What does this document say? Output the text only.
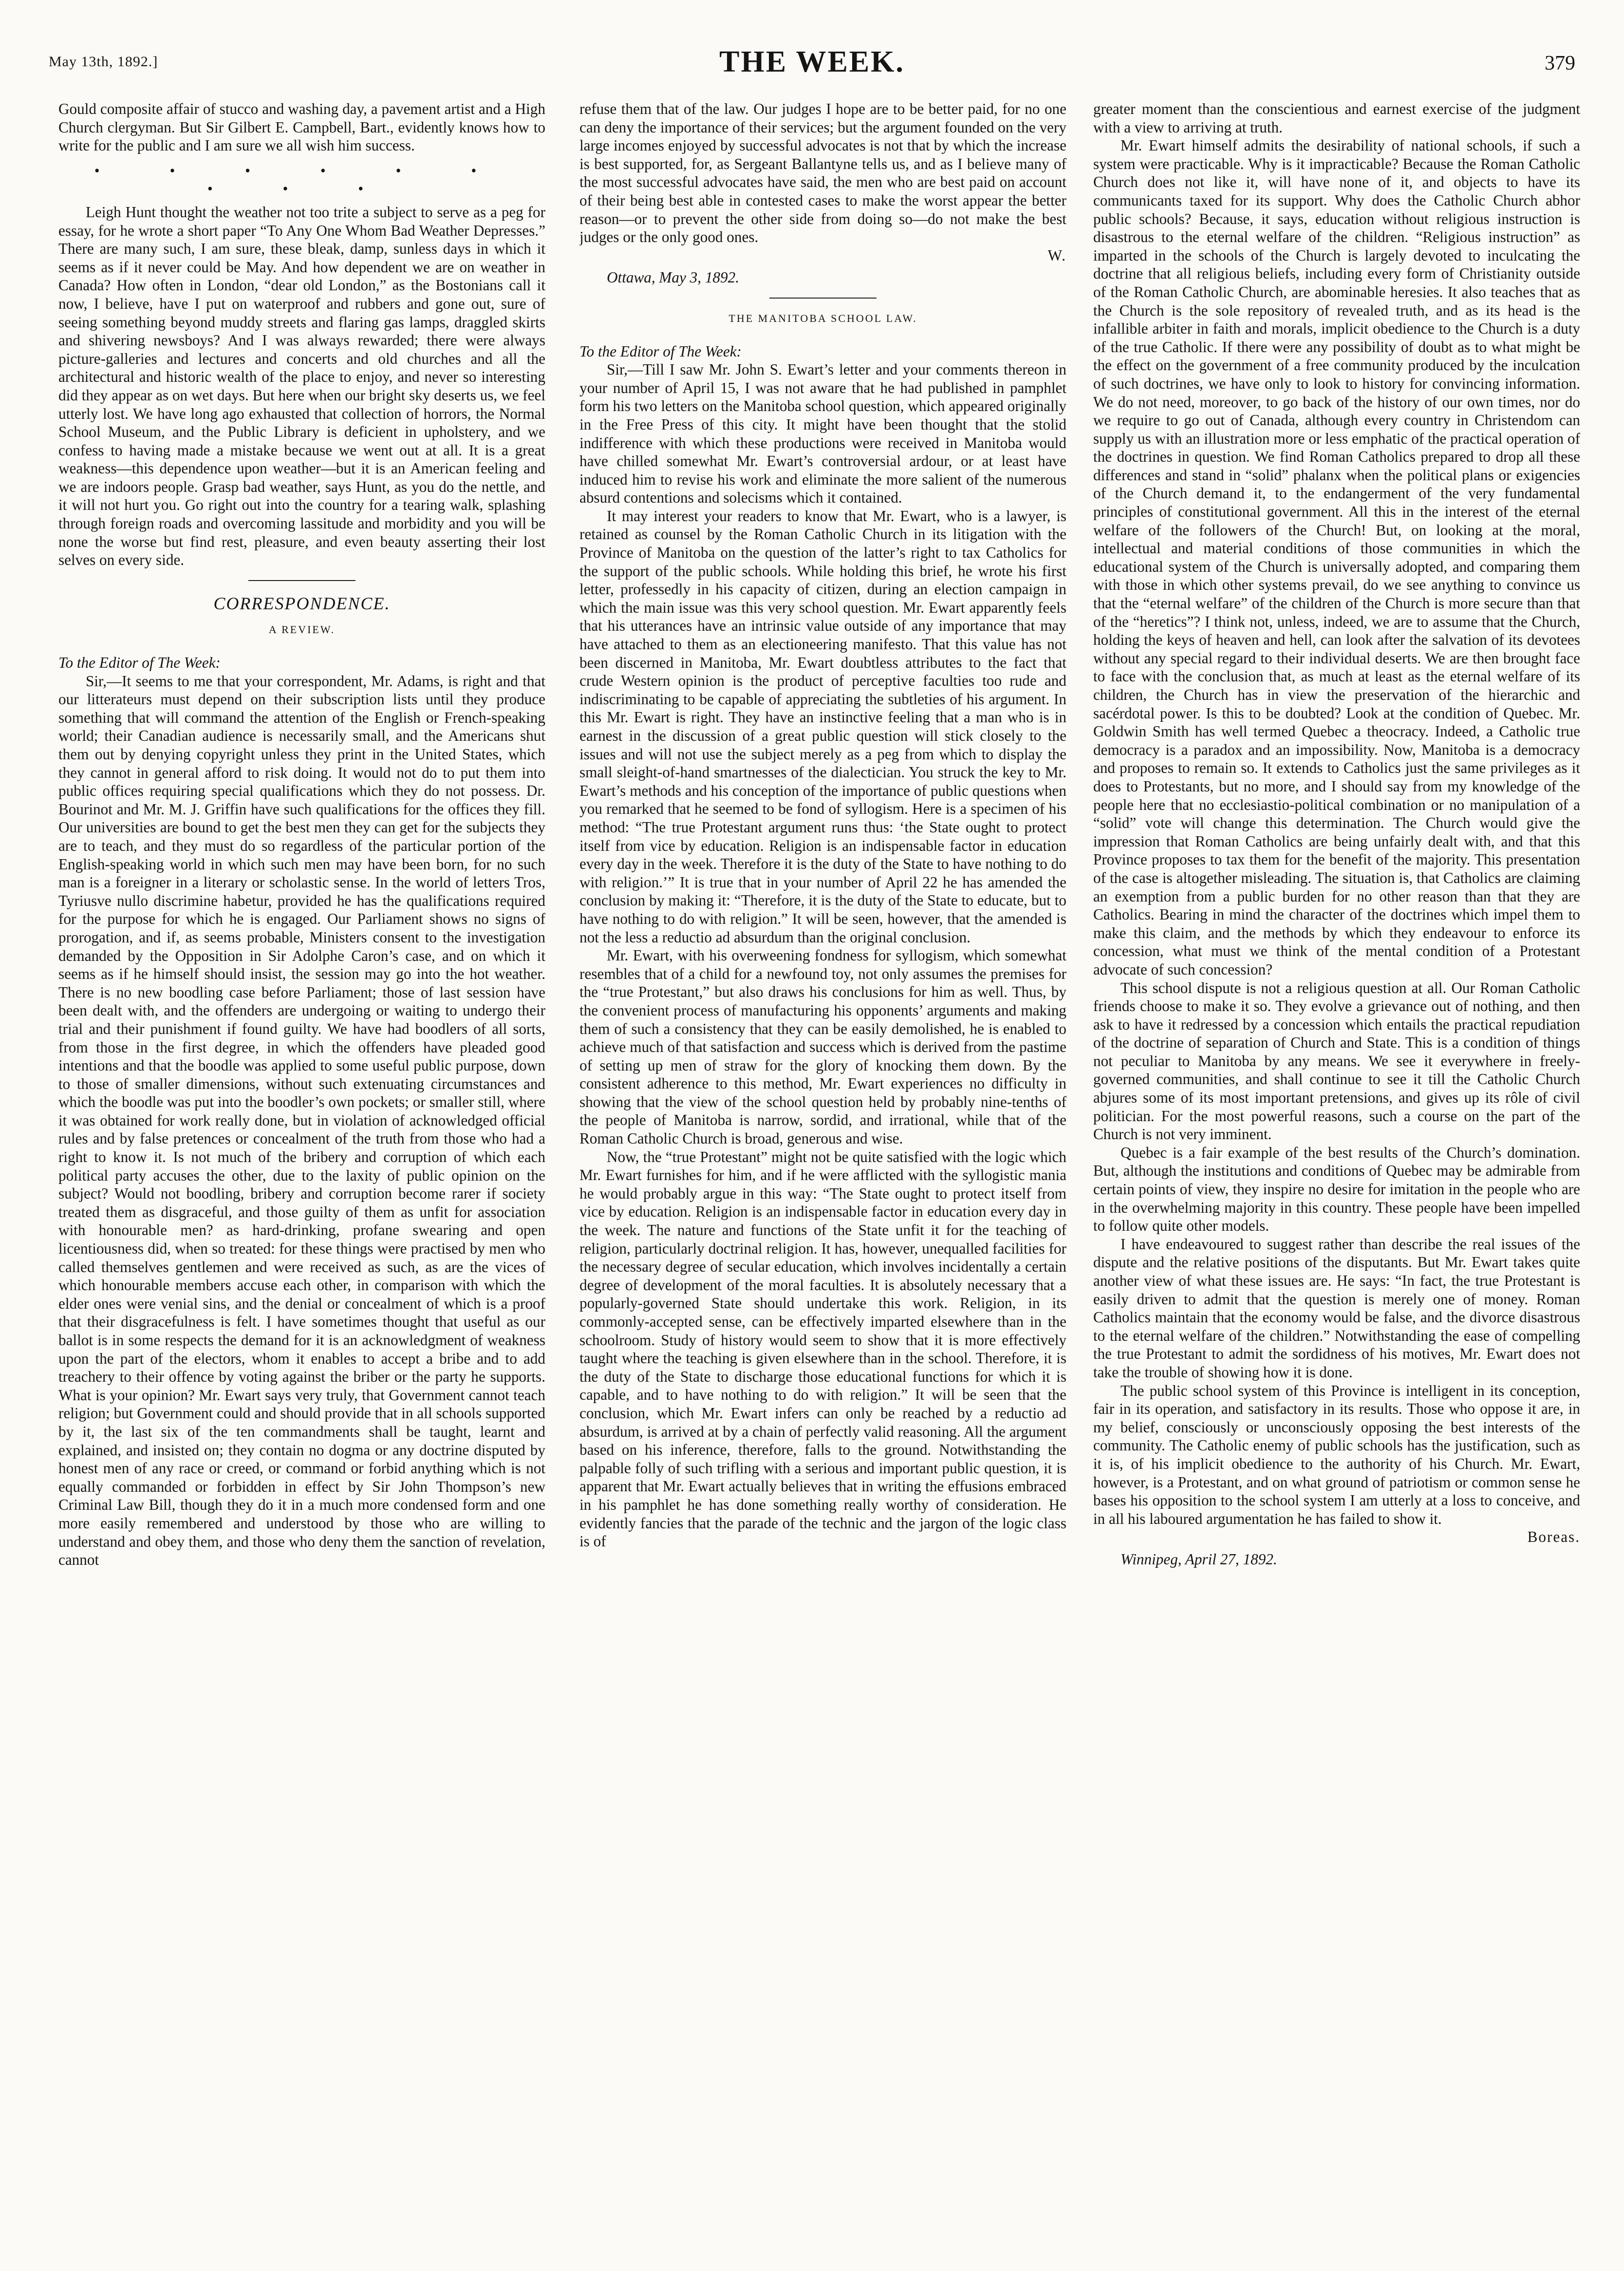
May 13th, 1892.]	THE WEEK.	379

Gould composite affair of stucco and washing day, a pavement artist and a High Church clergyman. But Sir Gilbert E. Campbell, Bart., evidently knows how to write for the public and I am sure we all wish him success.

• • • • • • • • •

Leigh Hunt thought the weather not too trite a subject to serve as a peg for essay, for he wrote a short paper “To Any One Whom Bad Weather Depresses.” There are many such, I am sure, these bleak, damp, sunless days in which it seems as if it never could be May. And how dependent we are on weather in Canada? How often in London, “dear old London,” as the Bostonians call it now, I believe, have I put on waterproof and rubbers and gone out, sure of seeing something beyond muddy streets and flaring gas lamps, draggled skirts and shivering newsboys? And I was always rewarded; there were always picture-galleries and lectures and concerts and old churches and all the architectural and historic wealth of the place to enjoy, and never so interesting did they appear as on wet days. But here when our bright sky deserts us, we feel utterly lost. We have long ago exhausted that collection of horrors, the Normal School Museum, and the Public Library is deficient in upholstery, and we confess to having made a mistake because we went out at all. It is a great weakness—this dependence upon weather—but it is an American feeling and we are indoors people. Grasp bad weather, says Hunt, as you do the nettle, and it will not hurt you. Go right out into the country for a tearing walk, splashing through foreign roads and overcoming lassitude and morbidity and you will be none the worse but find rest, pleasure, and even beauty asserting their lost selves on every side.

CORRESPONDENCE.

A REVIEW.

To the Editor of The Week:

Sir,—It seems to me that your correspondent, Mr. Adams, is right and that our litterateurs must depend on their subscription lists until they produce something that will command the attention of the English or French-speaking world; their Canadian audience is necessarily small, and the Americans shut them out by denying copyright unless they print in the United States, which they cannot in general afford to risk doing. It would not do to put them into public offices requiring special qualifications which they do not possess. Dr. Bourinot and Mr. M. J. Griffin have such qualifications for the offices they fill. Our universities are bound to get the best men they can get for the subjects they are to teach, and they must do so regardless of the particular portion of the English-speaking world in which such men may have been born, for no such man is a foreigner in a literary or scholastic sense. In the world of letters Tros, Tyriusve nullo discrimine habetur, provided he has the qualifications required for the purpose for which he is engaged. Our Parliament shows no signs of prorogation, and if, as seems probable, Ministers consent to the investigation demanded by the Opposition in Sir Adolphe Caron’s case, and on which it seems as if he himself should insist, the session may go into the hot weather. There is no new boodling case before Parliament; those of last session have been dealt with, and the offenders are undergoing or waiting to undergo their trial and their punishment if found guilty. We have had boodlers of all sorts, from those in the first degree, in which the offenders have pleaded good intentions and that the boodle was applied to some useful public purpose, down to those of smaller dimensions, without such extenuating circumstances and which the boodle was put into the boodler’s own pockets; or smaller still, where it was obtained for work really done, but in violation of acknowledged official rules and by false pretences or concealment of the truth from those who had a right to know it. Is not much of the bribery and corruption of which each political party accuses the other, due to the laxity of public opinion on the subject? Would not boodling, bribery and corruption become rarer if society treated them as disgraceful, and those guilty of them as unfit for association with honourable men? as hard-drinking, profane swearing and open licentiousness did, when so treated: for these things were practised by men who called themselves gentlemen and were received as such, as are the vices of which honourable members accuse each other, in comparison with which the elder ones were venial sins, and the denial or concealment of which is a proof that their disgracefulness is felt. I have sometimes thought that useful as our ballot is in some respects the demand for it is an acknowledgment of weakness upon the part of the electors, whom it enables to accept a bribe and to add treachery to their offence by voting against the briber or the party he supports. What is your opinion? Mr. Ewart says very truly, that Government cannot teach religion; but Government could and should provide that in all schools supported by it, the last six of the ten commandments shall be taught, learnt and explained, and insisted on; they contain no dogma or any doctrine disputed by honest men of any race or creed, or command or forbid anything which is not equally commanded or forbidden in effect by Sir John Thompson’s new Criminal Law Bill, though they do it in a much more condensed form and one more easily remembered and understood by those who are willing to understand and obey them, and those who deny them the sanction of revelation, cannot

refuse them that of the law. Our judges I hope are to be better paid, for no one can deny the importance of their services; but the argument founded on the very large incomes enjoyed by successful advocates is not that by which the increase is best supported, for, as Sergeant Ballantyne tells us, and as I believe many of the most successful advocates have said, the men who are best paid on account of their being best able in contested cases to make the worst appear the better reason—or to prevent the other side from doing so—do not make the best judges or the only good ones.

W.

Ottawa, May 3, 1892.

THE MANITOBA SCHOOL LAW.

To the Editor of The Week:

Sir,—Till I saw Mr. John S. Ewart’s letter and your comments thereon in your number of April 15, I was not aware that he had published in pamphlet form his two letters on the Manitoba school question, which appeared originally in the Free Press of this city. It might have been thought that the stolid indifference with which these productions were received in Manitoba would have chilled somewhat Mr. Ewart’s controversial ardour, or at least have induced him to revise his work and eliminate the more salient of the numerous absurd contentions and solecisms which it contained.

It may interest your readers to know that Mr. Ewart, who is a lawyer, is retained as counsel by the Roman Catholic Church in its litigation with the Province of Manitoba on the question of the latter’s right to tax Catholics for the support of the public schools. While holding this brief, he wrote his first letter, professedly in his capacity of citizen, during an election campaign in which the main issue was this very school question. Mr. Ewart apparently feels that his utterances have an intrinsic value outside of any importance that may have attached to them as an electioneering manifesto. That this value has not been discerned in Manitoba, Mr. Ewart doubtless attributes to the fact that crude Western opinion is the product of perceptive faculties too rude and indiscriminating to be capable of appreciating the subtleties of his argument. In this Mr. Ewart is right. They have an instinctive feeling that a man who is in earnest in the discussion of a great public question will stick closely to the issues and will not use the subject merely as a peg from which to display the small sleight-of-hand smartnesses of the dialectician. You struck the key to Mr. Ewart’s methods and his conception of the importance of public questions when you remarked that he seemed to be fond of syllogism. Here is a specimen of his method: “The true Protestant argument runs thus: ‘the State ought to protect itself from vice by education. Religion is an indispensable factor in education every day in the week. Therefore it is the duty of the State to have nothing to do with religion.’” It is true that in your number of April 22 he has amended the conclusion by making it: “Therefore, it is the duty of the State to educate, but to have nothing to do with religion.” It will be seen, however, that the amended is not the less a reductio ad absurdum than the original conclusion.

Mr. Ewart, with his overweening fondness for syllogism, which somewhat resembles that of a child for a newfound toy, not only assumes the premises for the “true Protestant,” but also draws his conclusions for him as well. Thus, by the convenient process of manufacturing his opponents’ arguments and making them of such a consistency that they can be easily demolished, he is enabled to achieve much of that satisfaction and success which is derived from the pastime of setting up men of straw for the glory of knocking them down. By the consistent adherence to this method, Mr. Ewart experiences no difficulty in showing that the view of the school question held by probably nine-tenths of the people of Manitoba is narrow, sordid, and irrational, while that of the Roman Catholic Church is broad, generous and wise.

Now, the “true Protestant” might not be quite satisfied with the logic which Mr. Ewart furnishes for him, and if he were afflicted with the syllogistic mania he would probably argue in this way: “The State ought to protect itself from vice by education. Religion is an indispensable factor in education every day in the week. The nature and functions of the State unfit it for the teaching of religion, particularly doctrinal religion. It has, however, unequalled facilities for the necessary degree of secular education, which involves incidentally a certain degree of development of the moral faculties. It is absolutely necessary that a popularly-governed State should undertake this work. Religion, in its commonly-accepted sense, can be effectively imparted elsewhere than in the schoolroom. Study of history would seem to show that it is more effectively taught where the teaching is given elsewhere than in the school. Therefore, it is the duty of the State to discharge those educational functions for which it is capable, and to have nothing to do with religion.” It will be seen that the conclusion, which Mr. Ewart infers can only be reached by a reductio ad absurdum, is arrived at by a chain of perfectly valid reasoning. All the argument based on his inference, therefore, falls to the ground. Notwithstanding the palpable folly of such trifling with a serious and important public question, it is apparent that Mr. Ewart actually believes that in writing the effusions embraced in his pamphlet he has done something really worthy of consideration. He evidently fancies that the parade of the technic and the jargon of the logic class is of

greater moment than the conscientious and earnest exercise of the judgment with a view to arriving at truth.

Mr. Ewart himself admits the desirability of national schools, if such a system were practicable. Why is it impracticable? Because the Roman Catholic Church does not like it, will have none of it, and objects to have its communicants taxed for its support. Why does the Catholic Church abhor public schools? Because, it says, education without religious instruction is disastrous to the eternal welfare of the children. “Religious instruction” as imparted in the schools of the Church is largely devoted to inculcating the doctrine that all religious beliefs, including every form of Christianity outside of the Roman Catholic Church, are abominable heresies. It also teaches that as the Church is the sole repository of revealed truth, and as its head is the infallible arbiter in faith and morals, implicit obedience to the Church is a duty of the true Catholic. If there were any possibility of doubt as to what might be the effect on the government of a free community produced by the inculcation of such doctrines, we have only to look to history for convincing information. We do not need, moreover, to go back of the history of our own times, nor do we require to go out of Canada, although every country in Christendom can supply us with an illustration more or less emphatic of the practical operation of the doctrines in question. We find Roman Catholics prepared to drop all these differences and stand in “solid” phalanx when the political plans or exigencies of the Church demand it, to the endangerment of the very fundamental principles of constitutional government. All this in the interest of the eternal welfare of the followers of the Church! But, on looking at the moral, intellectual and material conditions of those communities in which the educational system of the Church is universally adopted, and comparing them with those in which other systems prevail, do we see anything to convince us that the “eternal welfare” of the children of the Church is more secure than that of the “heretics”? I think not, unless, indeed, we are to assume that the Church, holding the keys of heaven and hell, can look after the salvation of its devotees without any special regard to their individual deserts. We are then brought face to face with the conclusion that, as much at least as the eternal welfare of its children, the Church has in view the preservation of the hierarchic and sacérdotal power. Is this to be doubted? Look at the condition of Quebec. Mr. Goldwin Smith has well termed Quebec a theocracy. Indeed, a Catholic true democracy is a paradox and an impossibility. Now, Manitoba is a democracy and proposes to remain so. It extends to Catholics just the same privileges as it does to Protestants, but no more, and I should say from my knowledge of the people here that no ecclesiastio-political combination or no manipulation of a “solid” vote will change this determination. The Church would give the impression that Roman Catholics are being unfairly dealt with, and that this Province proposes to tax them for the benefit of the majority. This presentation of the case is altogether misleading. The situation is, that Catholics are claiming an exemption from a public burden for no other reason than that they are Catholics. Bearing in mind the character of the doctrines which impel them to make this claim, and the methods by which they endeavour to enforce its concession, what must we think of the mental condition of a Protestant advocate of such concession?

This school dispute is not a religious question at all. Our Roman Catholic friends choose to make it so. They evolve a grievance out of nothing, and then ask to have it redressed by a concession which entails the practical repudiation of the doctrine of separation of Church and State. This is a condition of things not peculiar to Manitoba by any means. We see it everywhere in freely-governed communities, and shall continue to see it till the Catholic Church abjures some of its most important pretensions, and gives up its rôle of civil politician. For the most powerful reasons, such a course on the part of the Church is not very imminent.

Quebec is a fair example of the best results of the Church’s domination. But, although the institutions and conditions of Quebec may be admirable from certain points of view, they inspire no desire for imitation in the people who are in the overwhelming majority in this country. These people have been impelled to follow quite other models.

I have endeavoured to suggest rather than describe the real issues of the dispute and the relative positions of the disputants. But Mr. Ewart takes quite another view of what these issues are. He says: “In fact, the true Protestant is easily driven to admit that the question is merely one of money. Roman Catholics maintain that the economy would be false, and the divorce disastrous to the eternal welfare of the children.” Notwithstanding the ease of compelling the true Protestant to admit the sordidness of his motives, Mr. Ewart does not take the trouble of showing how it is done.

The public school system of this Province is intelligent in its conception, fair in its operation, and satisfactory in its results. Those who oppose it are, in my belief, consciously or unconsciously opposing the best interests of the community. The Catholic enemy of public schools has the justification, such as it is, of his implicit obedience to the authority of his Church. Mr. Ewart, however, is a Protestant, and on what ground of patriotism or common sense he bases his opposition to the school system I am utterly at a loss to conceive, and in all his laboured argumentation he has failed to show it.

Boreas.

Winnipeg, April 27, 1892.
